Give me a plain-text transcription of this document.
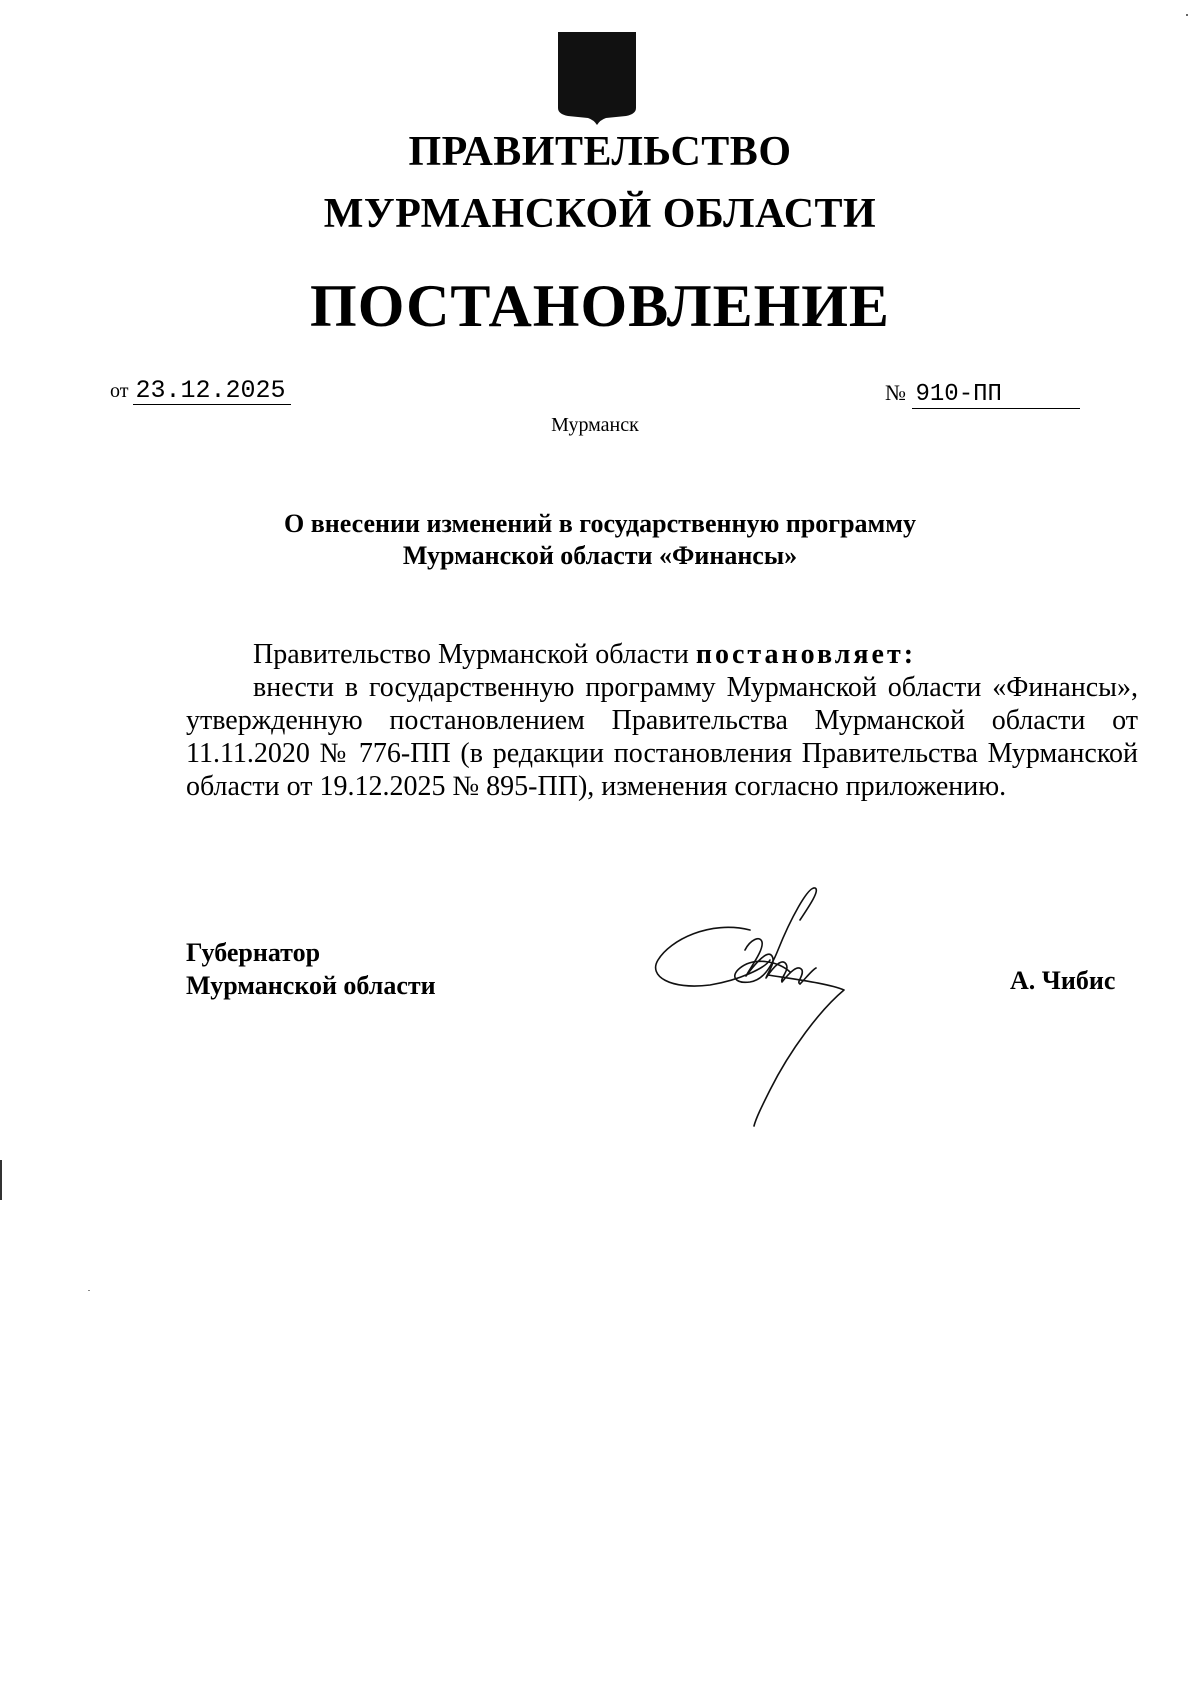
ПРАВИТЕЛЬСТВО
МУРМАНСКОЙ ОБЛАСТИ
ПОСТАНОВЛЕНИЕ
от 23.12.2025	№ 910-ПП
Мурманск
О внесении изменений в государственную программу
Мурманской области «Финансы»

Правительство Мурманской области постановляет:

внести в государственную программу Мурманской области «Финансы», утвержденную постановлением Правительства Мурманской области от 11.11.2020 № 776-ПП (в редакции постановления Правительства Мурманской области от 19.12.2025 № 895-ПП), изменения согласно приложению.

Губернатор
Мурманской области	А. Чибис
